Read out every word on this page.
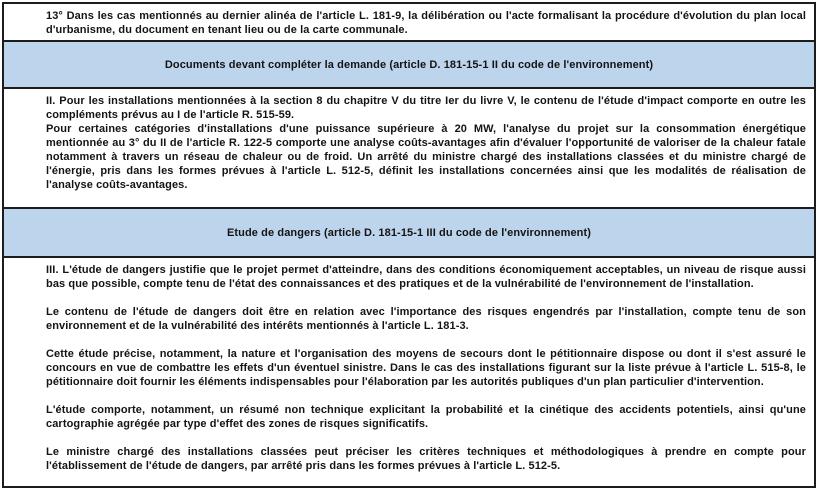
13° Dans les cas mentionnés au dernier alinéa de l'article L. 181-9, la délibération ou l'acte formalisant la procédure d'évolution du plan local d'urbanisme, du document en tenant lieu ou de la carte communale.

Documents devant compléter la demande (article D. 181-15-1 II du code de l'environnement)

II. Pour les installations mentionnées à la section 8 du chapitre V du titre Ier du livre V, le contenu de l'étude d'impact comporte en outre les compléments prévus au I de l'article R. 515-59.

Pour certaines catégories d'installations d'une puissance supérieure à 20 MW, l'analyse du projet sur la consommation énergétique mentionnée au 3° du II de l'article R. 122-5 comporte une analyse coûts-avantages afin d'évaluer l'opportunité de valoriser de la chaleur fatale notamment à travers un réseau de chaleur ou de froid. Un arrêté du ministre chargé des installations classées et du ministre chargé de l'énergie, pris dans les formes prévues à l'article L. 512-5, définit les installations concernées ainsi que les modalités de réalisation de l'analyse coûts-avantages.

Etude de dangers (article D. 181-15-1 III du code de l'environnement)

III. L'étude de dangers justifie que le projet permet d'atteindre, dans des conditions économiquement acceptables, un niveau de risque aussi bas que possible, compte tenu de l'état des connaissances et des pratiques et de la vulnérabilité de l'environnement de l'installation.

Le contenu de l'étude de dangers doit être en relation avec l'importance des risques engendrés par l'installation, compte tenu de son environnement et de la vulnérabilité des intérêts mentionnés à l'article L. 181-3.

Cette étude précise, notamment, la nature et l'organisation des moyens de secours dont le pétitionnaire dispose ou dont il s'est assuré le concours en vue de combattre les effets d'un éventuel sinistre. Dans le cas des installations figurant sur la liste prévue à l'article L. 515-8, le pétitionnaire doit fournir les éléments indispensables pour l'élaboration par les autorités publiques d'un plan particulier d'intervention.

L'étude comporte, notamment, un résumé non technique explicitant la probabilité et la cinétique des accidents potentiels, ainsi qu'une cartographie agrégée par type d'effet des zones de risques significatifs.

Le ministre chargé des installations classées peut préciser les critères techniques et méthodologiques à prendre en compte pour l'établissement de l'étude de dangers, par arrêté pris dans les formes prévues à l'article L. 512-5.
